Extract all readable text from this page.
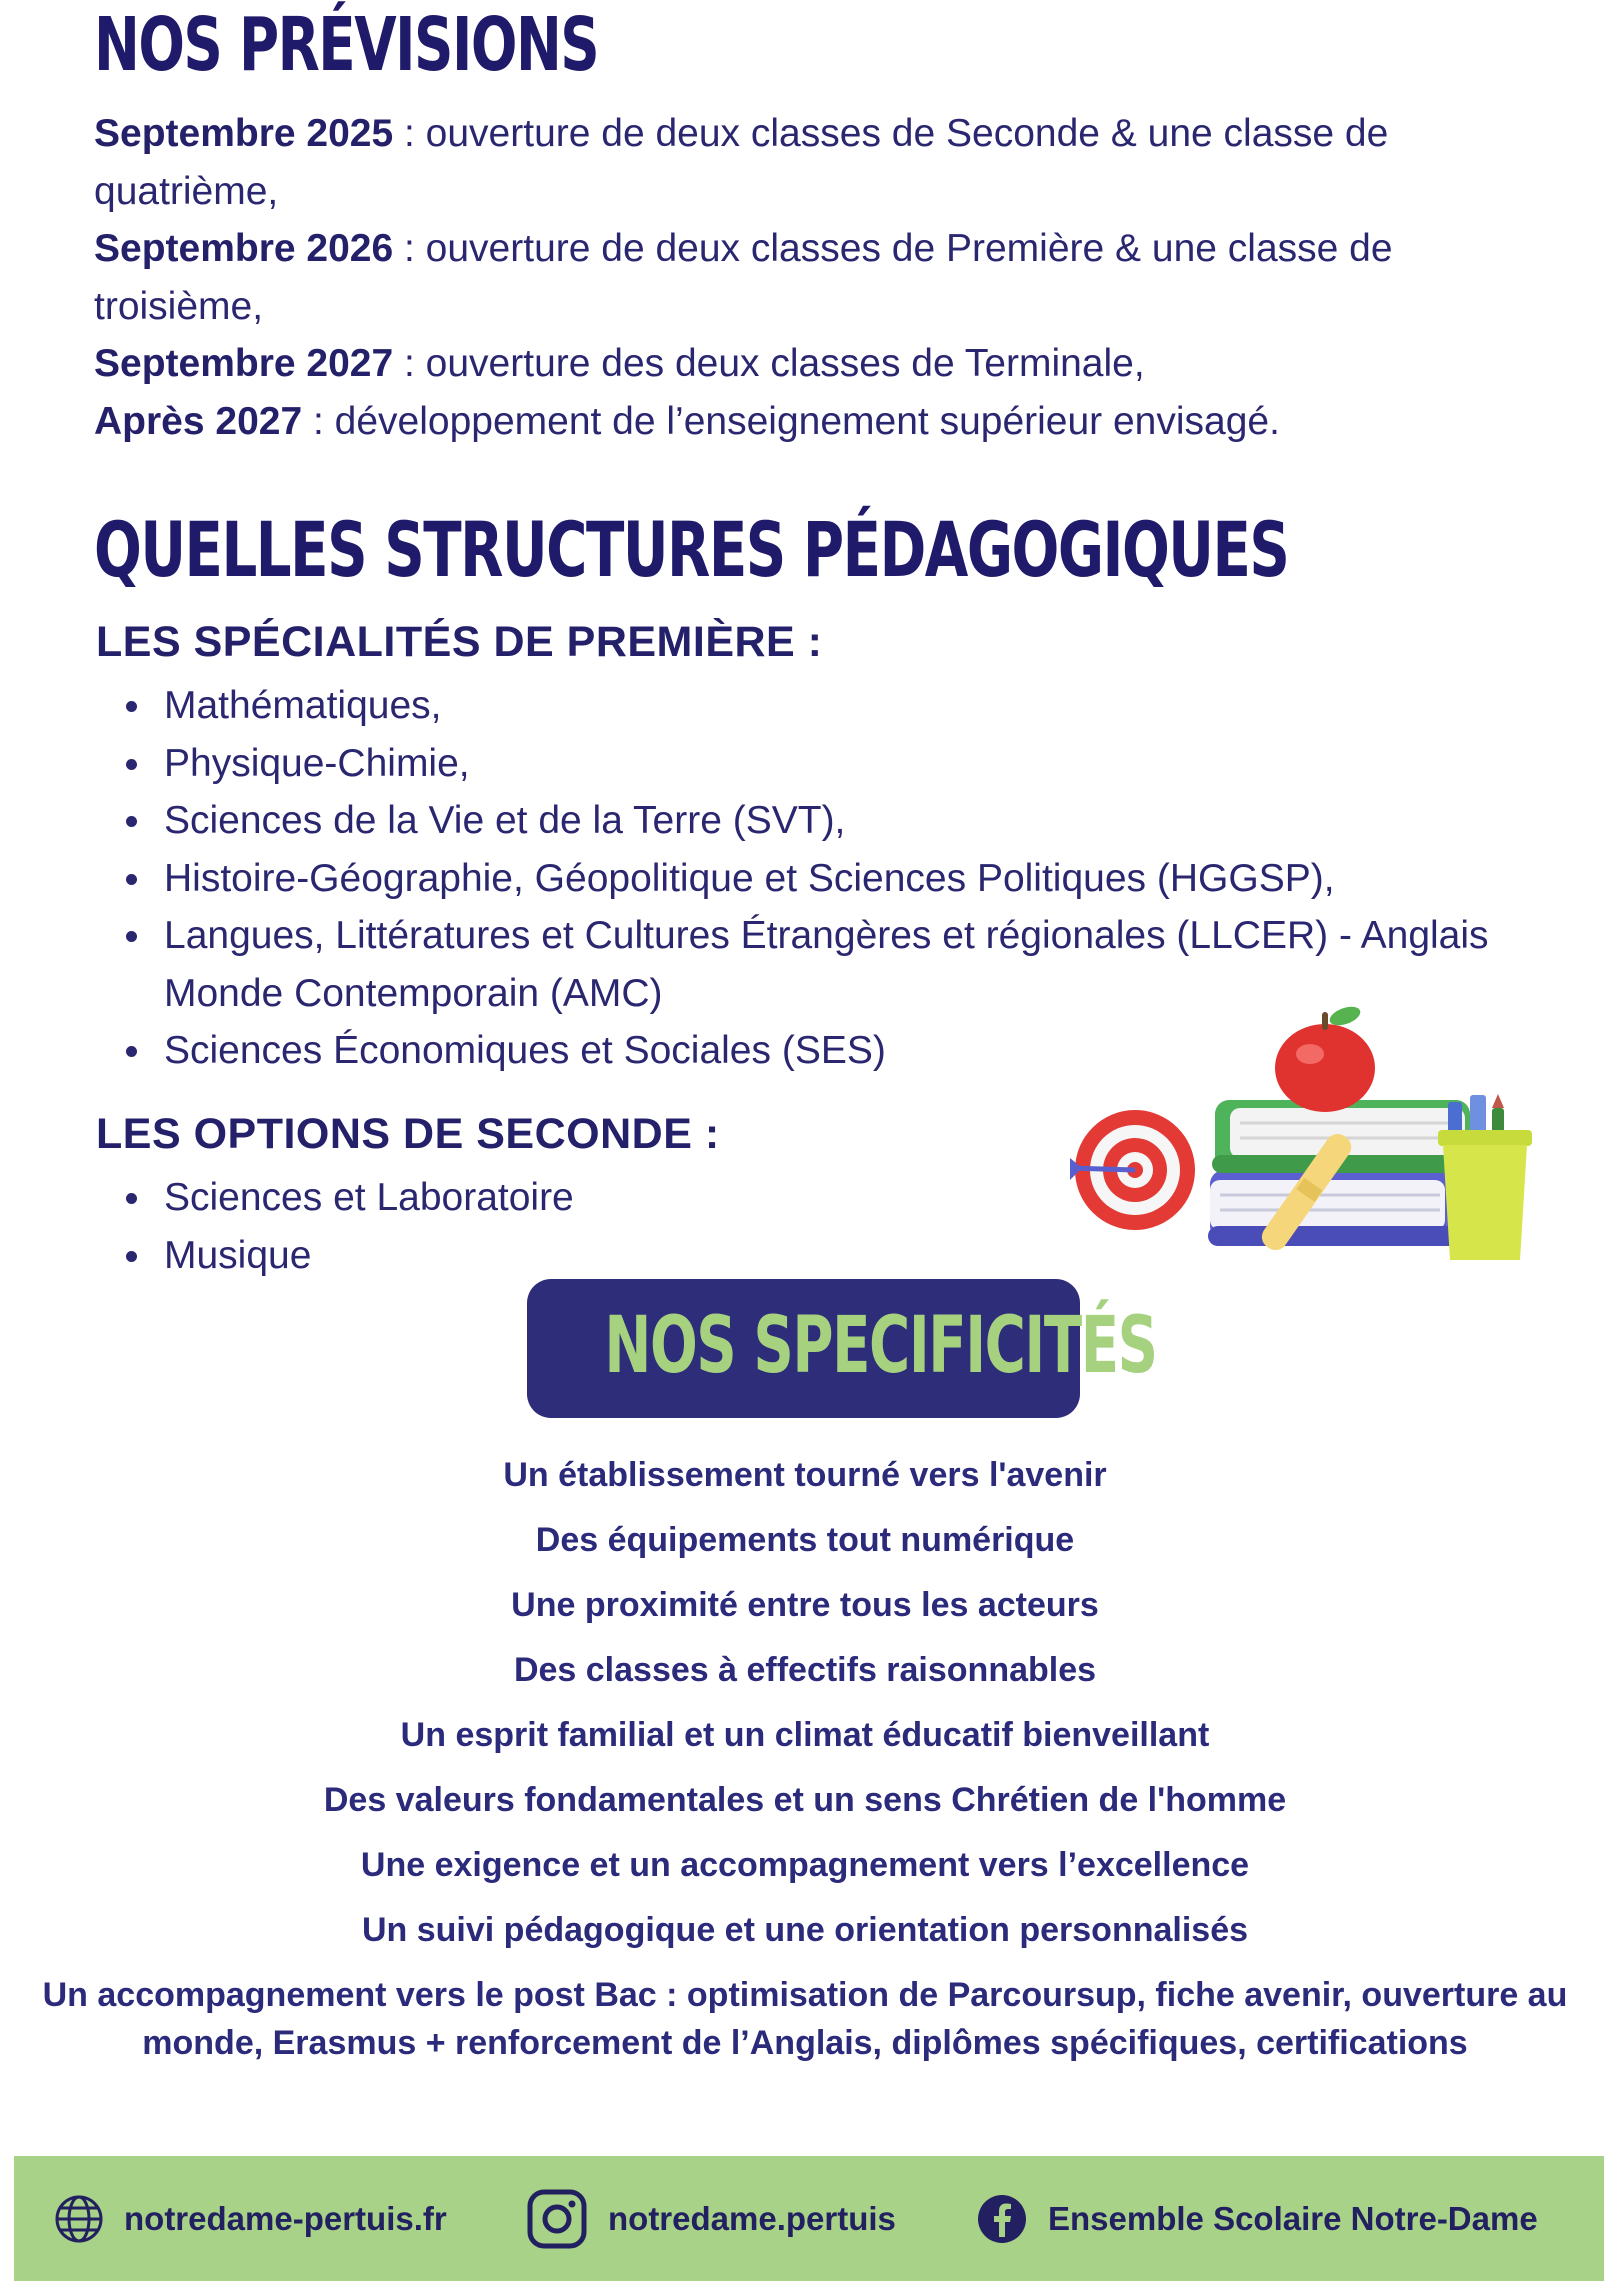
NOS PRÉVISIONS
Septembre 2025 : ouverture de deux classes de Seconde & une classe de quatrième,
Septembre 2026 : ouverture de deux classes de Première & une classe de troisième,
Septembre 2027 : ouverture des deux classes de Terminale,
Après 2027 : développement de l’enseignement supérieur envisagé.
QUELLES STRUCTURES PÉDAGOGIQUES
LES SPÉCIALITÉS DE PREMIÈRE :
Mathématiques,
Physique-Chimie,
Sciences de la Vie et de la Terre (SVT),
Histoire-Géographie, Géopolitique et Sciences Politiques (HGGSP),
Langues, Littératures et Cultures Étrangères et régionales (LLCER) - Anglais Monde Contemporain (AMC)
Sciences Économiques et Sociales (SES)
LES OPTIONS DE SECONDE :
Sciences et Laboratoire
Musique
NOS SPECIFICITÉS
Un établissement tourné vers l'avenir
Des équipements tout numérique
Une proximité entre tous les acteurs
Des classes à effectifs raisonnables
Un esprit familial et un climat éducatif bienveillant
Des valeurs fondamentales et un sens Chrétien de l'homme
Une exigence et un accompagnement vers l’excellence
Un suivi pédagogique et une orientation personnalisés
Un accompagnement vers le post Bac : optimisation de Parcoursup, fiche avenir, ouverture au monde, Erasmus + renforcement de l’Anglais, diplômes spécifiques, certifications
notredame-pertuis.fr	notredame.pertuis	Ensemble Scolaire Notre-Dame
